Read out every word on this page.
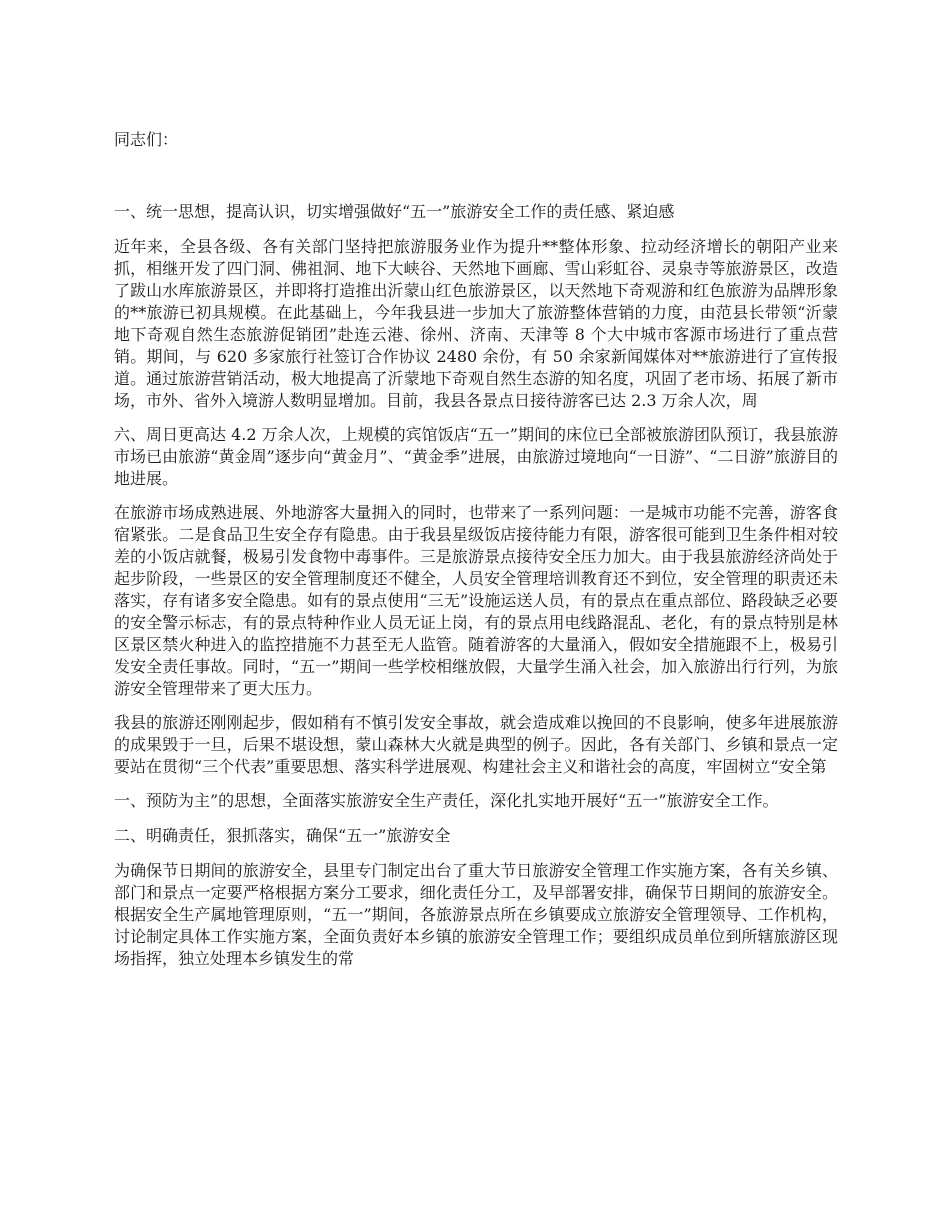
同志们：

一、统一思想，提高认识，切实增强做好“五一”旅游安全工作的责任感、紧迫感

近年来，全县各级、各有关部门坚持把旅游服务业作为提升**整体形象、拉动经济增长的朝阳产业来抓，相继开发了四门洞、佛祖洞、地下大峡谷、天然地下画廊、雪山彩虹谷、灵泉寺等旅游景区，改造了跋山水库旅游景区，并即将打造推出沂蒙山红色旅游景区，以天然地下奇观游和红色旅游为品牌形象的**旅游已初具规模。在此基础上，今年我县进一步加大了旅游整体营销的力度，由范县长带领“沂蒙地下奇观自然生态旅游促销团”赴连云港、徐州、济南、天津等 8 个大中城市客源市场进行了重点营销。期间，与 620 多家旅行社签订合作协议 2480 余份，有 50 余家新闻媒体对**旅游进行了宣传报道。通过旅游营销活动，极大地提高了沂蒙地下奇观自然生态游的知名度，巩固了老市场、拓展了新市场，市外、省外入境游人数明显增加。目前，我县各景点日接待游客已达 2.3 万余人次，周

六、周日更高达 4.2 万余人次，上规模的宾馆饭店“五一”期间的床位已全部被旅游团队预订，我县旅游市场已由旅游“黄金周”逐步向“黄金月”、“黄金季”进展，由旅游过境地向“一日游”、“二日游”旅游目的地进展。

在旅游市场成熟进展、外地游客大量拥入的同时，也带来了一系列问题：一是城市功能不完善，游客食宿紧张。二是食品卫生安全存有隐患。由于我县星级饭店接待能力有限，游客很可能到卫生条件相对较差的小饭店就餐，极易引发食物中毒事件。三是旅游景点接待安全压力加大。由于我县旅游经济尚处于起步阶段，一些景区的安全管理制度还不健全，人员安全管理培训教育还不到位，安全管理的职责还未落实，存有诸多安全隐患。如有的景点使用“三无”设施运送人员，有的景点在重点部位、路段缺乏必要的安全警示标志，有的景点特种作业人员无证上岗，有的景点用电线路混乱、老化，有的景点特别是林区景区禁火种进入的监控措施不力甚至无人监管。随着游客的大量涌入，假如安全措施跟不上，极易引发安全责任事故。同时，“五一”期间一些学校相继放假，大量学生涌入社会，加入旅游出行行列，为旅游安全管理带来了更大压力。

我县的旅游还刚刚起步，假如稍有不慎引发安全事故，就会造成难以挽回的不良影响，使多年进展旅游的成果毁于一旦，后果不堪设想，蒙山森林大火就是典型的例子。因此，各有关部门、乡镇和景点一定要站在贯彻“三个代表”重要思想、落实科学进展观、构建社会主义和谐社会的高度，牢固树立“安全第

一、预防为主”的思想，全面落实旅游安全生产责任，深化扎实地开展好“五一”旅游安全工作。

二、明确责任，狠抓落实，确保“五一”旅游安全

为确保节日期间的旅游安全，县里专门制定出台了重大节日旅游安全管理工作实施方案，各有关乡镇、部门和景点一定要严格根据方案分工要求，细化责任分工，及早部署安排，确保节日期间的旅游安全。根据安全生产属地管理原则，“五一”期间，各旅游景点所在乡镇要成立旅游安全管理领导、工作机构，讨论制定具体工作实施方案，全面负责好本乡镇的旅游安全管理工作；要组织成员单位到所辖旅游区现场指挥，独立处理本乡镇发生的常
